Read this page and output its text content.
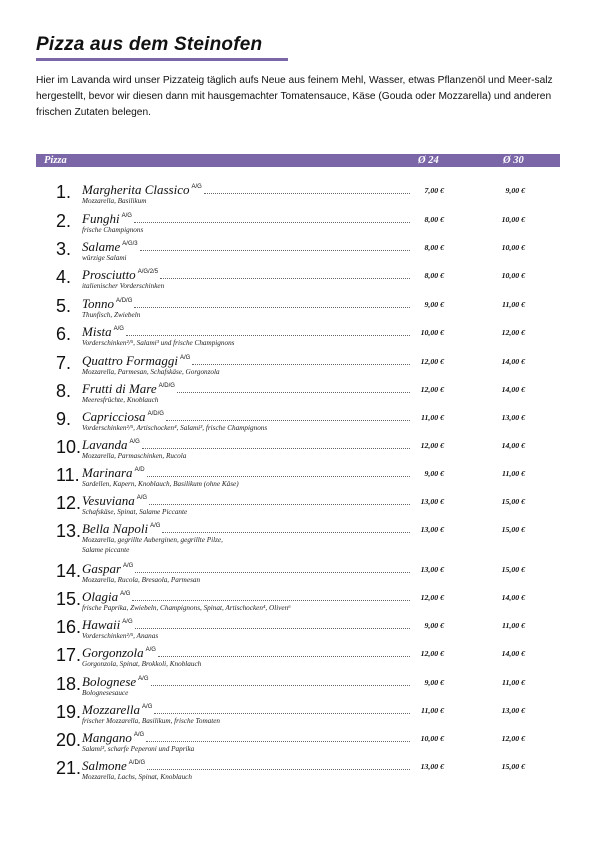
Pizza aus dem Steinofen

Hier im Lavanda wird unser Pizzateig täglich aufs Neue aus feinem Mehl, Wasser, etwas Pflanzenöl und Meer-salz hergestellt, bevor wir diesen dann mit hausgemachter Tomatensauce, Käse (Gouda oder Mozzarella) und anderen frischen Zutaten belegen.

Pizza	Ø 24	Ø 30
1. Margherita Classico A/G
Mozzarella, Basilikum
7,00 €	9,00 €
2. Funghi A/G
frische Champignons
8,00 €	10,00 €
3. Salame A/G/3
würzige Salami
8,00 €	10,00 €
4. Prosciutto A/G/2/5
italienischer Vorderschinken
8,00 €	10,00 €
5. Tonno A/D/G
Thunfisch, Zwiebeln
9,00 €	11,00 €
6. Mista A/G
Vorderschinken²/⁵, Salami³ und frische Champignons
10,00 €	12,00 €
7. Quattro Formaggi A/G
Mozzarella, Parmesan, Schafskäse, Gorgonzola
12,00 €	14,00 €
8. Frutti di Mare A/D/G
Meeresfrüchte, Knoblauch
12,00 €	14,00 €
9. Capricciosa A/D/G
Vorderschinken²/⁵, Artischocken⁴, Salami³, frische Champignons
11,00 €	13,00 €
10. Lavanda A/G
Mozzarella, Parmaschinken, Rucola
12,00 €	14,00 €
11. Marinara A/D
Sardellen, Kapern, Knoblauch, Basilikum (ohne Käse)
9,00 €	11,00 €
12. Vesuviana A/G
Schafskäse, Spinat, Salame Piccante
13,00 €	15,00 €
13. Bella Napoli A/G
Mozzarella, gegrillte Auberginen, gegrillte Pilze,
Salame piccante
13,00 €	15,00 €
14. Gaspar A/G
Mozzarella, Rucola, Bresaola, Parmesan
13,00 €	15,00 €
15. Olagia A/G
frische Paprika, Zwiebeln, Champignons, Spinat, Artischocken⁴, Oliven⁶
12,00 €	14,00 €
16. Hawaii A/G
Vorderschinken²/⁵, Ananas
9,00 €	11,00 €
17. Gorgonzola A/G
Gorgonzola, Spinat, Brokkoli, Knoblauch
12,00 €	14,00 €
18. Bolognese A/G
Bolognesesauce
9,00 €	11,00 €
19. Mozzarella A/G
frischer Mozzarella, Basilikum, frische Tomaten
11,00 €	13,00 €
20. Mangano A/G
Salami³, scharfe Peperoni und Paprika
10,00 €	12,00 €
21. Salmone A/D/G
Mozzarella, Lachs, Spinat, Knoblauch
13,00 €	15,00 €
